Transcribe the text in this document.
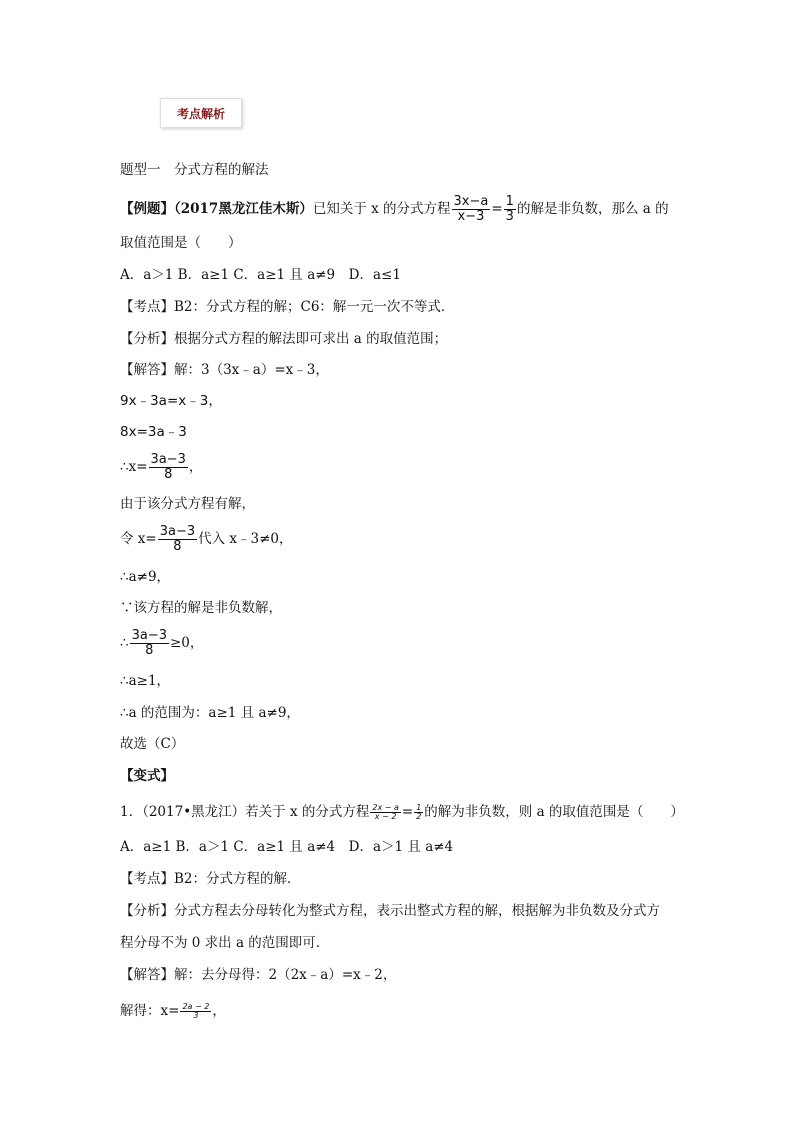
考点解析
题型一　分式方程的解法
【例题】（2017黑龙江佳木斯）已知关于 x 的分式方程 $\frac{3x-a}{x-3} = \frac{1}{3}$ 的解是非负数，那么 a 的
取值范围是（　　）
A．a＞1 B．a≥1 C．a≥1 且 a≠9　D．a≤1
【考点】B2：分式方程的解；C6：解一元一次不等式．
【分析】根据分式方程的解法即可求出 a 的取值范围；
【解答】解：3（3x﹣a）=x﹣3，
9x﹣3a=x﹣3，
8x=3a﹣3
∴x= $\frac{3a-3}{8}$ ，
由于该分式方程有解，
令 $x= \frac{3a-3}{8}$ 代入 x﹣3≠0，
∴a≠9，
∵该方程的解是非负数解，
∴ $\frac{3a-3}{8} \ge 0$，
∴a≥1，
∴a 的范围为：a≥1 且 a≠9，
故选（C）
【变式】
1．（2017•黑龙江）若关于 x 的分式方程 $\frac{2x - a}{x - 2} = \frac{1}{2}$ 的解为非负数，则 a 的取值范围是（　　）
A．a≥1 B．a＞1 C．a≥1 且 a≠4　D．a＞1 且 a≠4
【考点】B2：分式方程的解．
【分析】分式方程去分母转化为整式方程，表示出整式方程的解，根据解为非负数及分式方
程分母不为 0 求出 a 的范围即可．
【解答】解：去分母得：2（2x﹣a）=x﹣2，
解得：$x= \frac{2a - 2}{3}$ ，
